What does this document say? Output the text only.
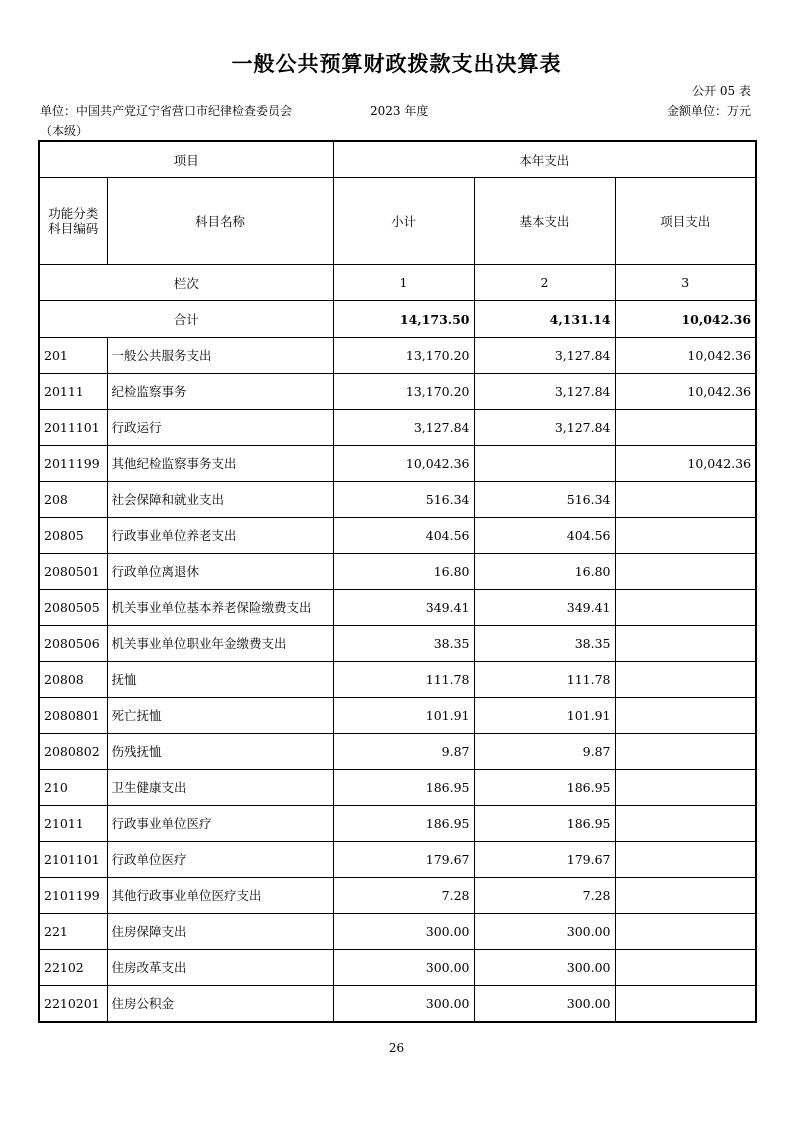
一般公共预算财政拨款支出决算表
公开 05 表
单位：中国共产党辽宁省营口市纪律检查委员会
（本级）
2023 年度	金额单位：万元
项目		本年支出		
功能分类科目编码	科目名称	小计	基本支出	项目支出
栏次		1	2	3
合计		14,173.50	4,131.14	10,042.36
201	一般公共服务支出	13,170.20	3,127.84	10,042.36
20111	纪检监察事务	13,170.20	3,127.84	10,042.36
2011101	行政运行	3,127.84	3,127.84	
2011199	其他纪检监察事务支出	10,042.36		10,042.36
208	社会保障和就业支出	516.34	516.34	
20805	行政事业单位养老支出	404.56	404.56	
2080501	行政单位离退休	16.80	16.80	
2080505	机关事业单位基本养老保险缴费支出	349.41	349.41	
2080506	机关事业单位职业年金缴费支出	38.35	38.35	
20808	抚恤	111.78	111.78	
2080801	死亡抚恤	101.91	101.91	
2080802	伤残抚恤	9.87	9.87	
210	卫生健康支出	186.95	186.95	
21011	行政事业单位医疗	186.95	186.95	
2101101	行政单位医疗	179.67	179.67	
2101199	其他行政事业单位医疗支出	7.28	7.28	
221	住房保障支出	300.00	300.00	
22102	住房改革支出	300.00	300.00	
2210201	住房公积金	300.00	300.00	
26
